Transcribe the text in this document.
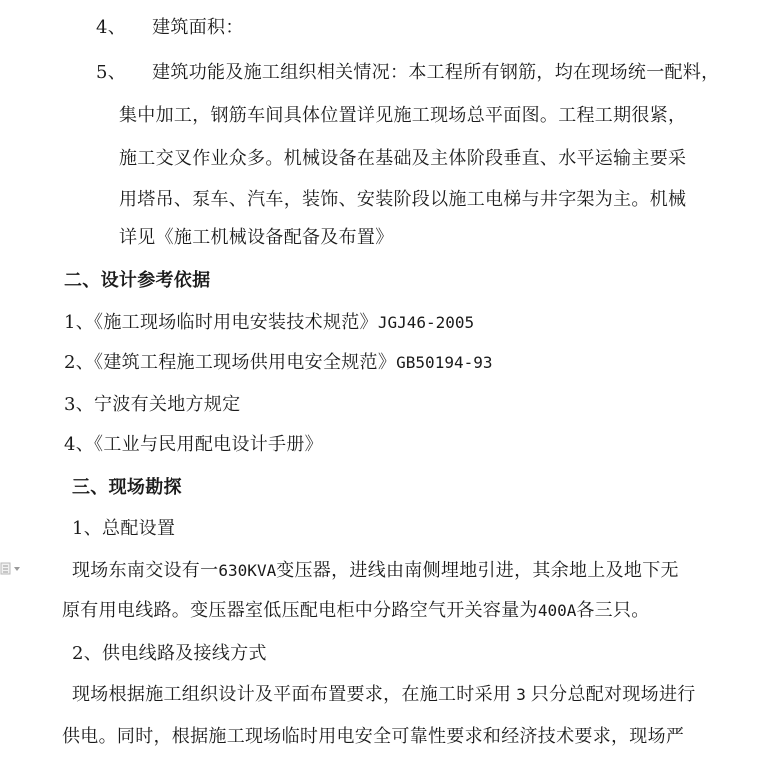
4、 建筑面积：
5、 建筑功能及施工组织相关情况：本工程所有钢筋，均在现场统一配料，
集中加工，钢筋车间具体位置详见施工现场总平面图。工程工期很紧，
施工交叉作业众多。机械设备在基础及主体阶段垂直、水平运输主要采
用塔吊、泵车、汽车，装饰、安装阶段以施工电梯与井字架为主。机械
详见《施工机械设备配备及布置》
二、设计参考依据
1、《施工现场临时用电安装技术规范》JGJ46-2005
2、《建筑工程施工现场供用电安全规范》GB50194-93
3、宁波有关地方规定
4、《工业与民用配电设计手册》
三、现场勘探
1、总配设置
现场东南交设有一630KVA变压器，进线由南侧埋地引进，其余地上及地下无
原有用电线路。变压器室低压配电柜中分路空气开关容量为400A各三只。
2、供电线路及接线方式
现场根据施工组织设计及平面布置要求，在施工时采用 3 只分总配对现场进行
供电。同时，根据施工现场临时用电安全可靠性要求和经济技术要求，现场严
